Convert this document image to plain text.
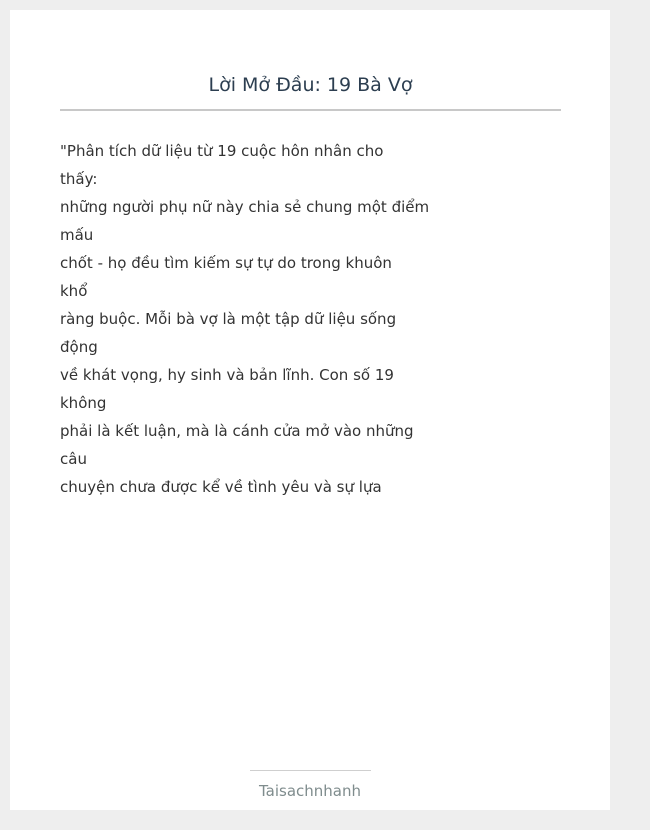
Lời Mở Đầu: 19 Bà Vợ
"Phân tích dữ liệu từ 19 cuộc hôn nhân cho
thấy:
những người phụ nữ này chia sẻ chung một điểm
mấu
chốt - họ đều tìm kiếm sự tự do trong khuôn
khổ
ràng buộc. Mỗi bà vợ là một tập dữ liệu sống
động
về khát vọng, hy sinh và bản lĩnh. Con số 19
không
phải là kết luận, mà là cánh cửa mở vào những
câu
chuyện chưa được kể về tình yêu và sự lựa
Taisachnhanh
